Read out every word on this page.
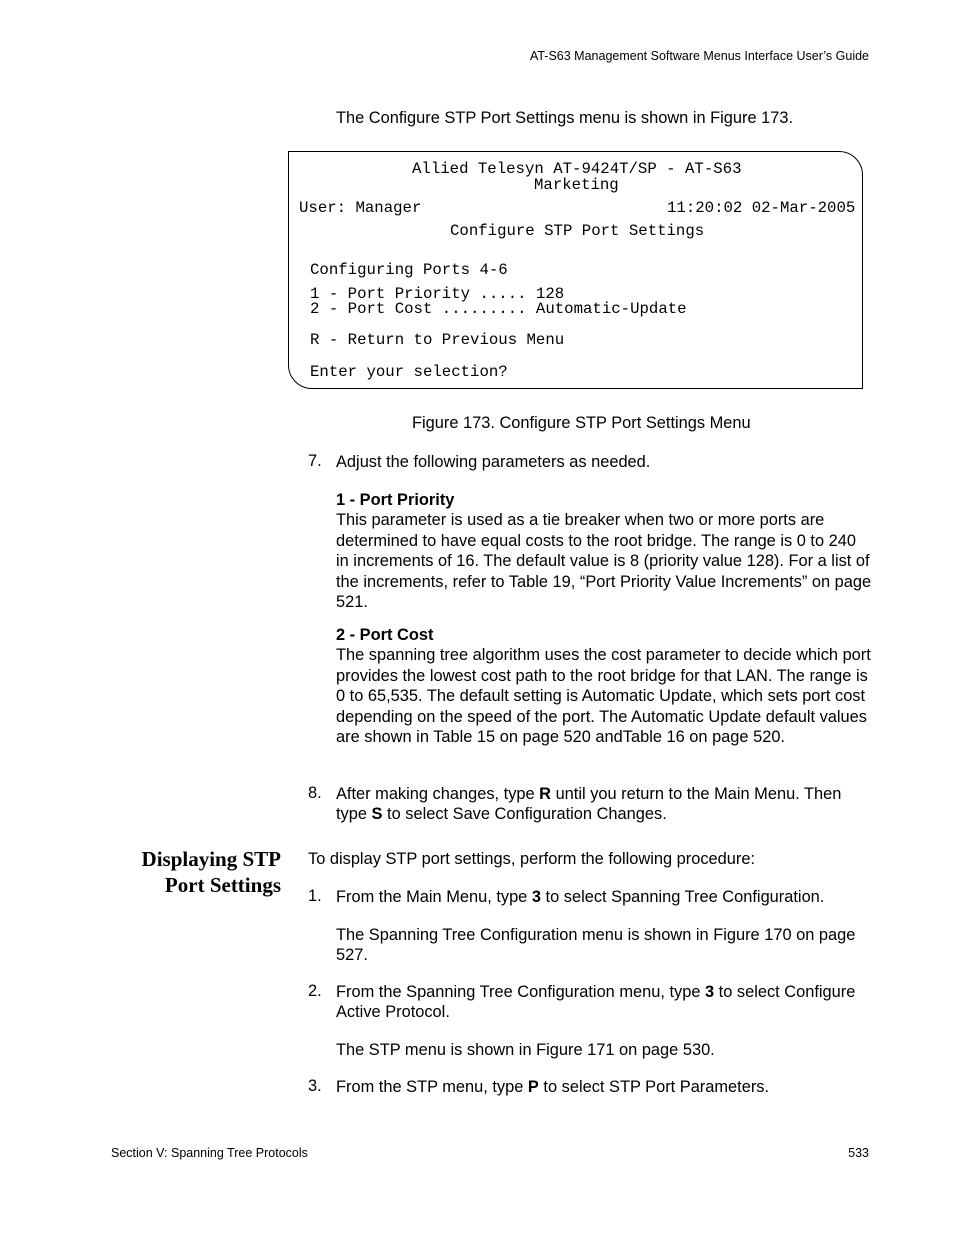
AT-S63 Management Software Menus Interface User’s Guide
The Configure STP Port Settings menu is shown in Figure 173.
Allied Telesyn AT-9424T/SP - AT-S63
Marketing
User: Manager	11:20:02 02-Mar-2005
Configure STP Port Settings
Configuring Ports 4-6
1 - Port Priority ..... 128
2 - Port Cost ......... Automatic-Update
R - Return to Previous Menu
Enter your selection?
Figure 173. Configure STP Port Settings Menu
7. Adjust the following parameters as needed.
1 - Port Priority
This parameter is used as a tie breaker when two or more ports are determined to have equal costs to the root bridge. The range is 0 to 240 in increments of 16. The default value is 8 (priority value 128). For a list of the increments, refer to Table 19, “Port Priority Value Increments” on page 521.
2 - Port Cost
The spanning tree algorithm uses the cost parameter to decide which port provides the lowest cost path to the root bridge for that LAN. The range is 0 to 65,535. The default setting is Automatic Update, which sets port cost depending on the speed of the port. The Automatic Update default values are shown in Table 15 on page 520 andTable 16 on page 520.
8. After making changes, type R until you return to the Main Menu. Then type S to select Save Configuration Changes.
Displaying STP
Port Settings
To display STP port settings, perform the following procedure:
1. From the Main Menu, type 3 to select Spanning Tree Configuration.
The Spanning Tree Configuration menu is shown in Figure 170 on page 527.
2. From the Spanning Tree Configuration menu, type 3 to select Configure Active Protocol.
The STP menu is shown in Figure 171 on page 530.
3. From the STP menu, type P to select STP Port Parameters.
Section V: Spanning Tree Protocols	533
